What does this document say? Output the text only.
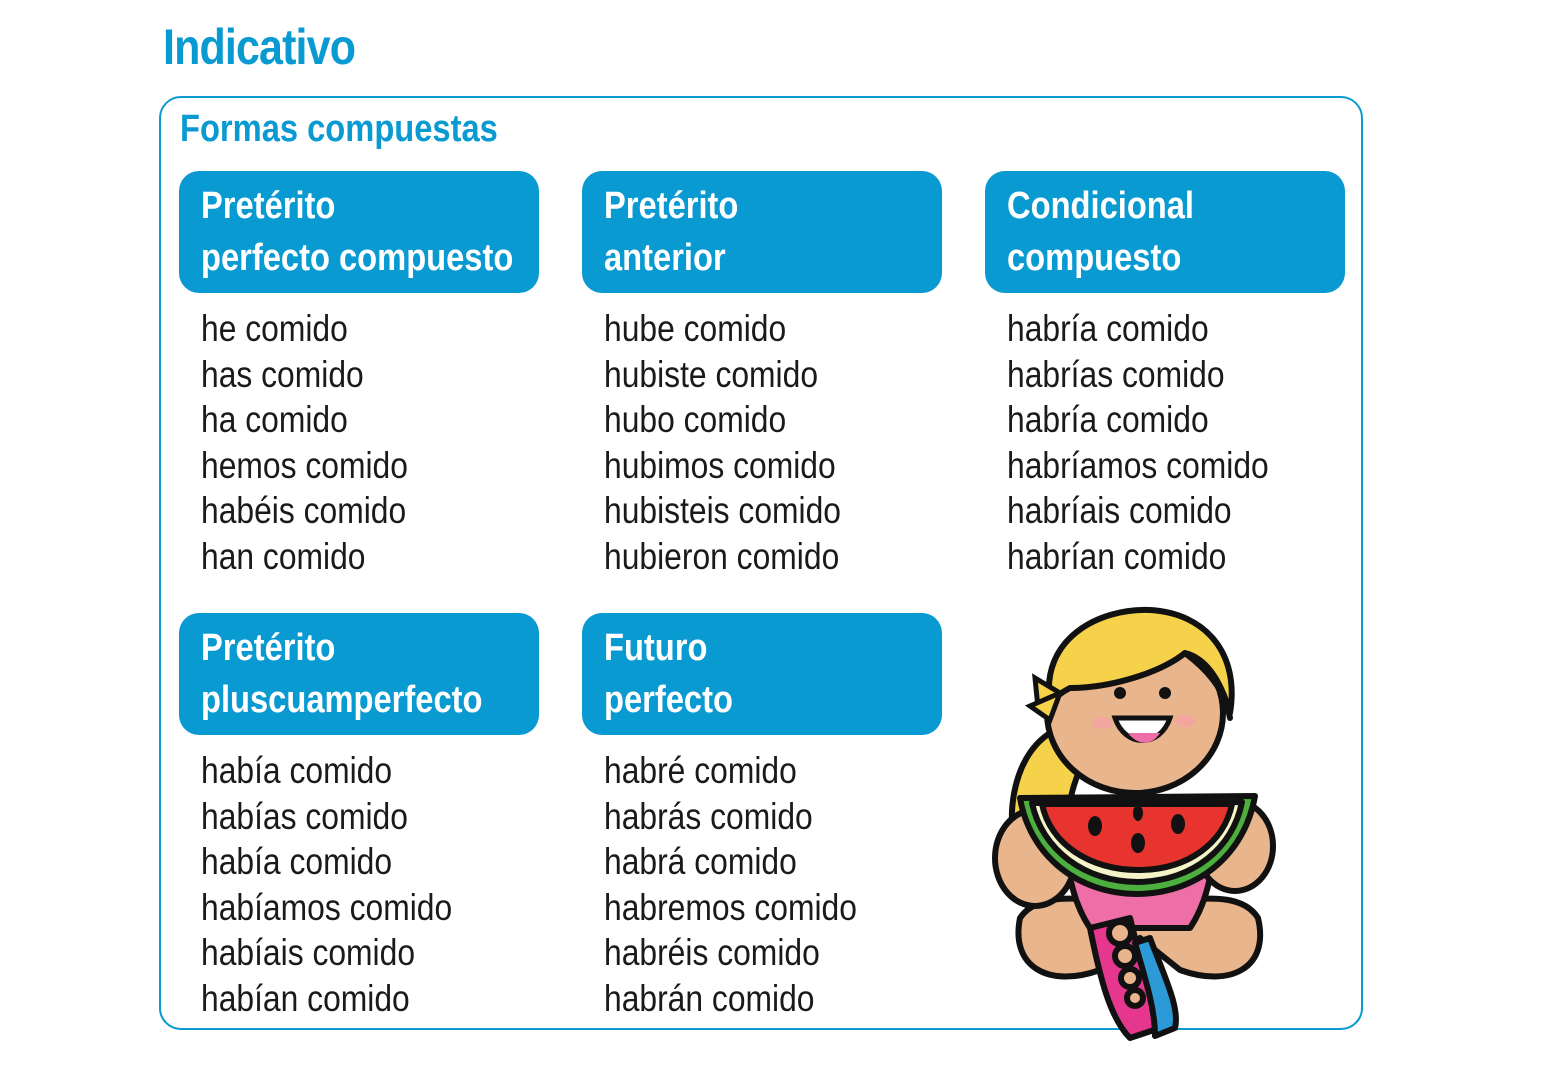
Indicativo
Formas compuestas
Pretérito
perfecto compuesto
he comido
has comido
ha comido
hemos comido
habéis comido
han comido
Pretérito
anterior
hube comido
hubiste comido
hubo comido
hubimos comido
hubisteis comido
hubieron comido
Condicional
compuesto
habría comido
habrías comido
habría comido
habríamos comido
habríais comido
habrían comido
Pretérito
pluscuamperfecto
había comido
habías comido
había comido
habíamos comido
habíais comido
habían comido
Futuro
perfecto
habré comido
habrás comido
habrá comido
habremos comido
habréis comido
habrán comido
